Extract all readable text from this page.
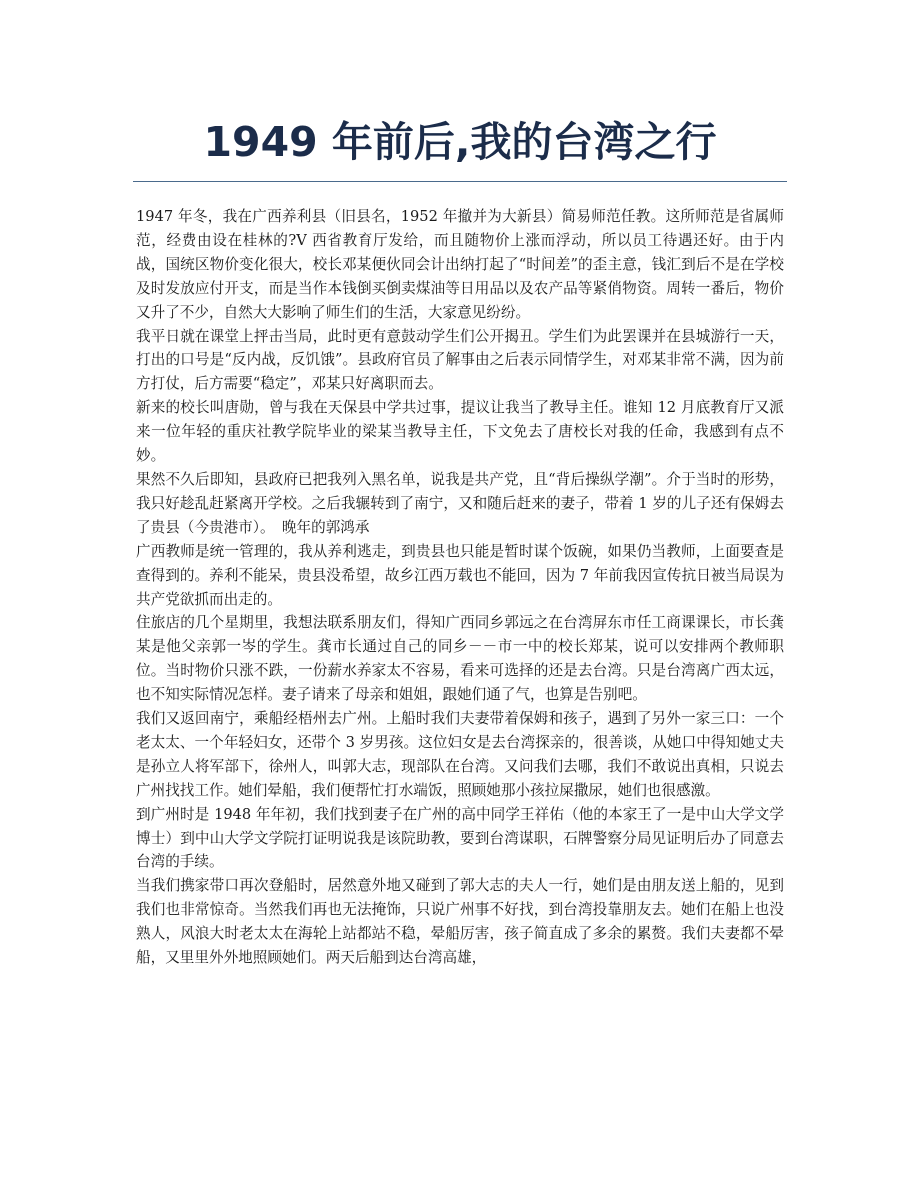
1949 年前后,我的台湾之行

1947 年冬，我在广西养利县（旧县名，1952 年撤并为大新县）简易师范任教。这所师范是省属师范，经费由设在桂林的?V 西省教育厅发给，而且随物价上涨而浮动，所以员工待遇还好。由于内战，国统区物价变化很大，校长邓某便伙同会计出纳打起了“时间差”的歪主意，钱汇到后不是在学校及时发放应付开支，而是当作本钱倒买倒卖煤油等日用品以及农产品等紧俏物资。周转一番后，物价又升了不少，自然大大影响了师生们的生活，大家意见纷纷。

我平日就在课堂上抨击当局，此时更有意鼓动学生们公开揭丑。学生们为此罢课并在县城游行一天，打出的口号是“反内战，反饥饿”。县政府官员了解事由之后表示同情学生，对邓某非常不满，因为前方打仗，后方需要“稳定”，邓某只好离职而去。

新来的校长叫唐勋，曾与我在天保县中学共过事，提议让我当了教导主任。谁知 12 月底教育厅又派来一位年轻的重庆社教学院毕业的梁某当教导主任，下文免去了唐校长对我的任命，我感到有点不妙。

果然不久后即知，县政府已把我列入黑名单，说我是共产党，且“背后操纵学潮”。介于当时的形势，我只好趁乱赶紧离开学校。之后我辗转到了南宁，又和随后赶来的妻子，带着 1 岁的儿子还有保姆去了贵县（今贵港市）。　晚年的郭鸿承

广西教师是统一管理的，我从养利逃走，到贵县也只能是暂时谋个饭碗，如果仍当教师，上面要查是查得到的。养利不能呆，贵县没希望，故乡江西万载也不能回，因为 7 年前我因宣传抗日被当局误为共产党欲抓而出走的。

住旅店的几个星期里，我想法联系朋友们，得知广西同乡郭远之在台湾屏东市任工商课课长，市长龚某是他父亲郭一岑的学生。龚市长通过自己的同乡－－市一中的校长郑某，说可以安排两个教师职位。当时物价只涨不跌，一份薪水养家太不容易，看来可选择的还是去台湾。只是台湾离广西太远，也不知实际情况怎样。妻子请来了母亲和姐姐，跟她们通了气，也算是告别吧。

我们又返回南宁，乘船经梧州去广州。上船时我们夫妻带着保姆和孩子，遇到了另外一家三口：一个老太太、一个年轻妇女，还带个 3 岁男孩。这位妇女是去台湾探亲的，很善谈，从她口中得知她丈夫是孙立人将军部下，徐州人，叫郭大志，现部队在台湾。又问我们去哪，我们不敢说出真相，只说去广州找找工作。她们晕船，我们便帮忙打水端饭，照顾她那小孩拉屎撒尿，她们也很感激。

到广州时是 1948 年年初，我们找到妻子在广州的高中同学王祥佑（他的本家王了一是中山大学文学博士）到中山大学文学院打证明说我是该院助教，要到台湾谋职，石牌警察分局见证明后办了同意去台湾的手续。

当我们携家带口再次登船时，居然意外地又碰到了郭大志的夫人一行，她们是由朋友送上船的，见到我们也非常惊奇。当然我们再也无法掩饰，只说广州事不好找，到台湾投靠朋友去。她们在船上也没熟人，风浪大时老太太在海轮上站都站不稳，晕船厉害，孩子简直成了多余的累赘。我们夫妻都不晕船，又里里外外地照顾她们。两天后船到达台湾高雄，
